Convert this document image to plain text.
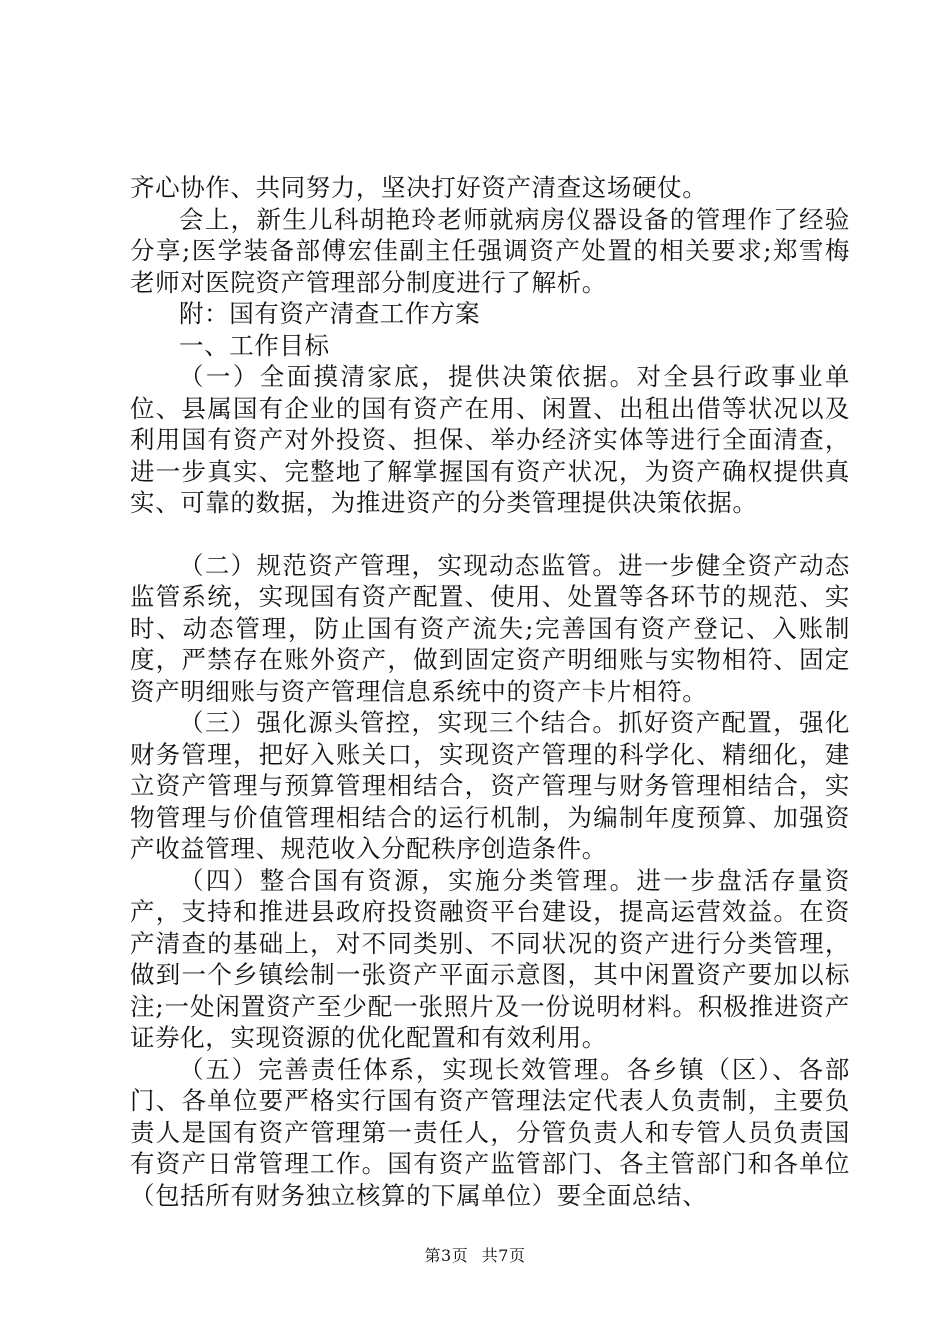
齐心协作、共同努力，坚决打好资产清查这场硬仗。

会上，新生儿科胡艳玲老师就病房仪器设备的管理作了经验分享;医学装备部傅宏佳副主任强调资产处置的相关要求;郑雪梅老师对医院资产管理部分制度进行了解析。

附：国有资产清查工作方案

一、工作目标

（一）全面摸清家底，提供决策依据。对全县行政事业单位、县属国有企业的国有资产在用、闲置、出租出借等状况以及利用国有资产对外投资、担保、举办经济实体等进行全面清查，进一步真实、完整地了解掌握国有资产状况，为资产确权提供真实、可靠的数据，为推进资产的分类管理提供决策依据。

（二）规范资产管理，实现动态监管。进一步健全资产动态监管系统，实现国有资产配置、使用、处置等各环节的规范、实时、动态管理，防止国有资产流失;完善国有资产登记、入账制度，严禁存在账外资产，做到固定资产明细账与实物相符、固定资产明细账与资产管理信息系统中的资产卡片相符。

（三）强化源头管控，实现三个结合。抓好资产配置，强化财务管理，把好入账关口，实现资产管理的科学化、精细化，建立资产管理与预算管理相结合，资产管理与财务管理相结合，实物管理与价值管理相结合的运行机制，为编制年度预算、加强资产收益管理、规范收入分配秩序创造条件。

（四）整合国有资源，实施分类管理。进一步盘活存量资产，支持和推进县政府投资融资平台建设，提高运营效益。在资产清查的基础上，对不同类别、不同状况的资产进行分类管理，做到一个乡镇绘制一张资产平面示意图，其中闲置资产要加以标注;一处闲置资产至少配一张照片及一份说明材料。积极推进资产证券化，实现资源的优化配置和有效利用。

（五）完善责任体系，实现长效管理。各乡镇（区）、各部门、各单位要严格实行国有资产管理法定代表人负责制，主要负责人是国有资产管理第一责任人，分管负责人和专管人员负责国有资产日常管理工作。国有资产监管部门、各主管部门和各单位（包括所有财务独立核算的下属单位）要全面总结、

第3页 共7页
